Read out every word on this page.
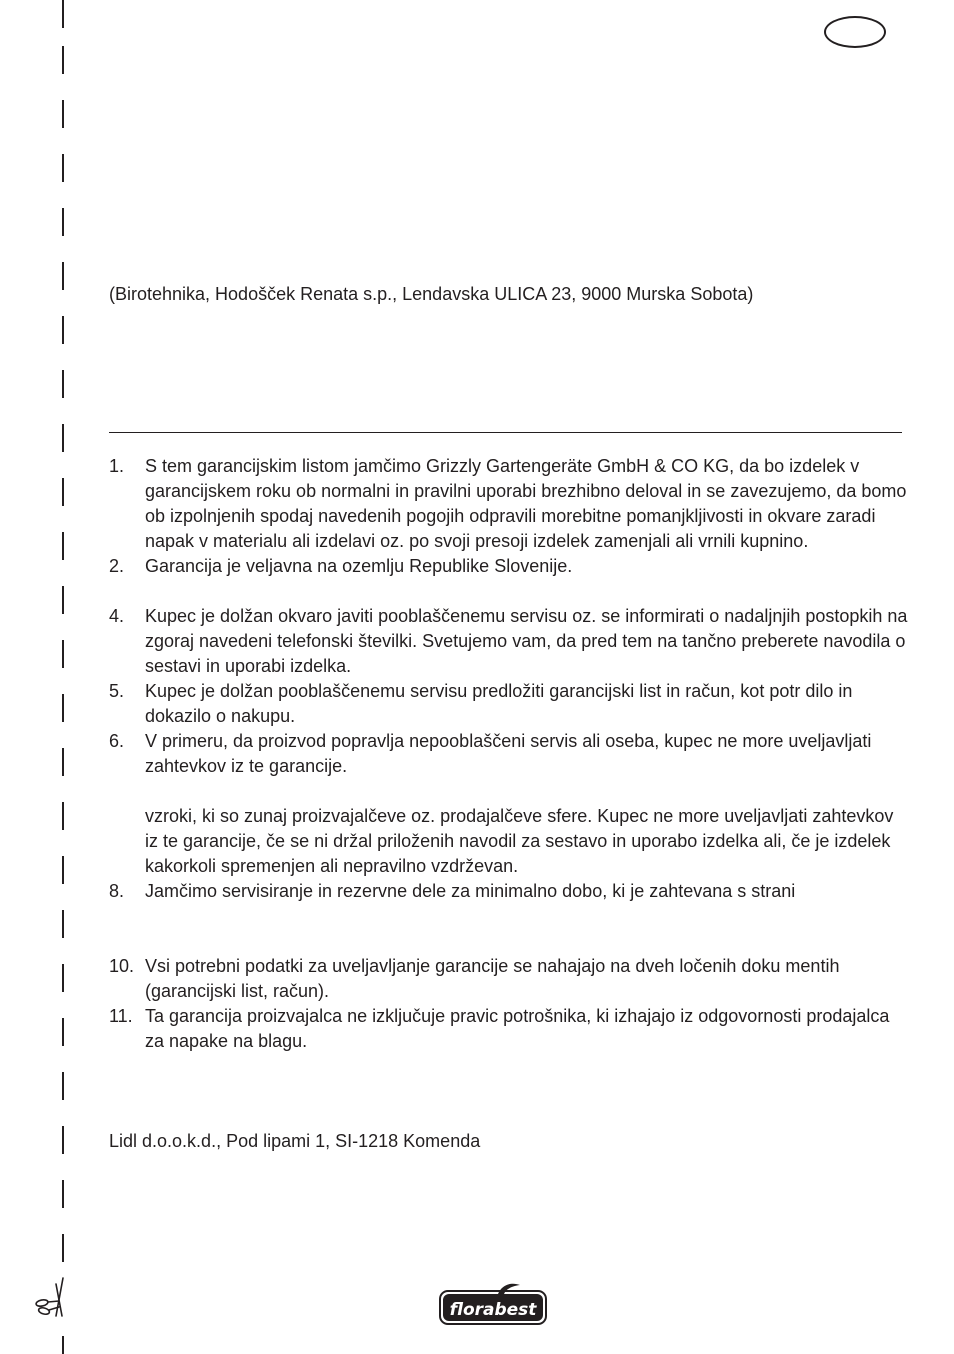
(Birotehnika, Hodošček Renata s.p., Lendavska ULICA 23, 9000 Murska Sobota)
1.	S tem garancijskim listom jamčimo Grizzly Gartengeräte GmbH & CO KG, da bo izdelek v garancijskem roku ob normalni in pravilni uporabi brezhibno deloval in se zavezujemo, da bomo ob izpolnjenih spodaj navedenih pogojih odpravili morebitne pomanjkljivosti in okvare zaradi napak v materialu ali izdelavi oz. po svoji presoji izdelek zamenjali ali vrnili kupnino.
2.	Garancija je veljavna na ozemlju Republike Slovenije.
4.	Kupec je dolžan okvaro javiti pooblaščenemu servisu oz. se informirati o nadaljnjih postopkih na zgoraj navedeni telefonski številki. Svetujemo vam, da pred tem na tančno preberete navodila o sestavi in uporabi izdelka.
5.	Kupec je dolžan pooblaščenemu servisu predložiti garancijski list in račun, kot potr dilo in dokazilo o nakupu.
6.	V primeru, da proizvod popravlja nepooblaščeni servis ali oseba, kupec ne more uveljavljati zahtevkov iz te garancije.
vzroki, ki so zunaj proizvajalčeve oz. prodajalčeve sfere. Kupec ne more uveljavljati zahtevkov iz te garancije, če se ni držal priloženih navodil za sestavo in uporabo izdelka ali, če je izdelek kakorkoli spremenjen ali nepravilno vzdrževan.
8.	Jamčimo servisiranje in rezervne dele za minimalno dobo, ki je zahtevana s strani
10. Vsi potrebni podatki za uveljavljanje garancije se nahajajo na dveh ločenih doku mentih (garancijski list, račun).
11. Ta garancija proizvajalca ne izključuje pravic potrošnika, ki izhajajo iz odgovornosti prodajalca za napake na blagu.
Lidl d.o.o.k.d., Pod lipami 1, SI-1218 Komenda
florabest
